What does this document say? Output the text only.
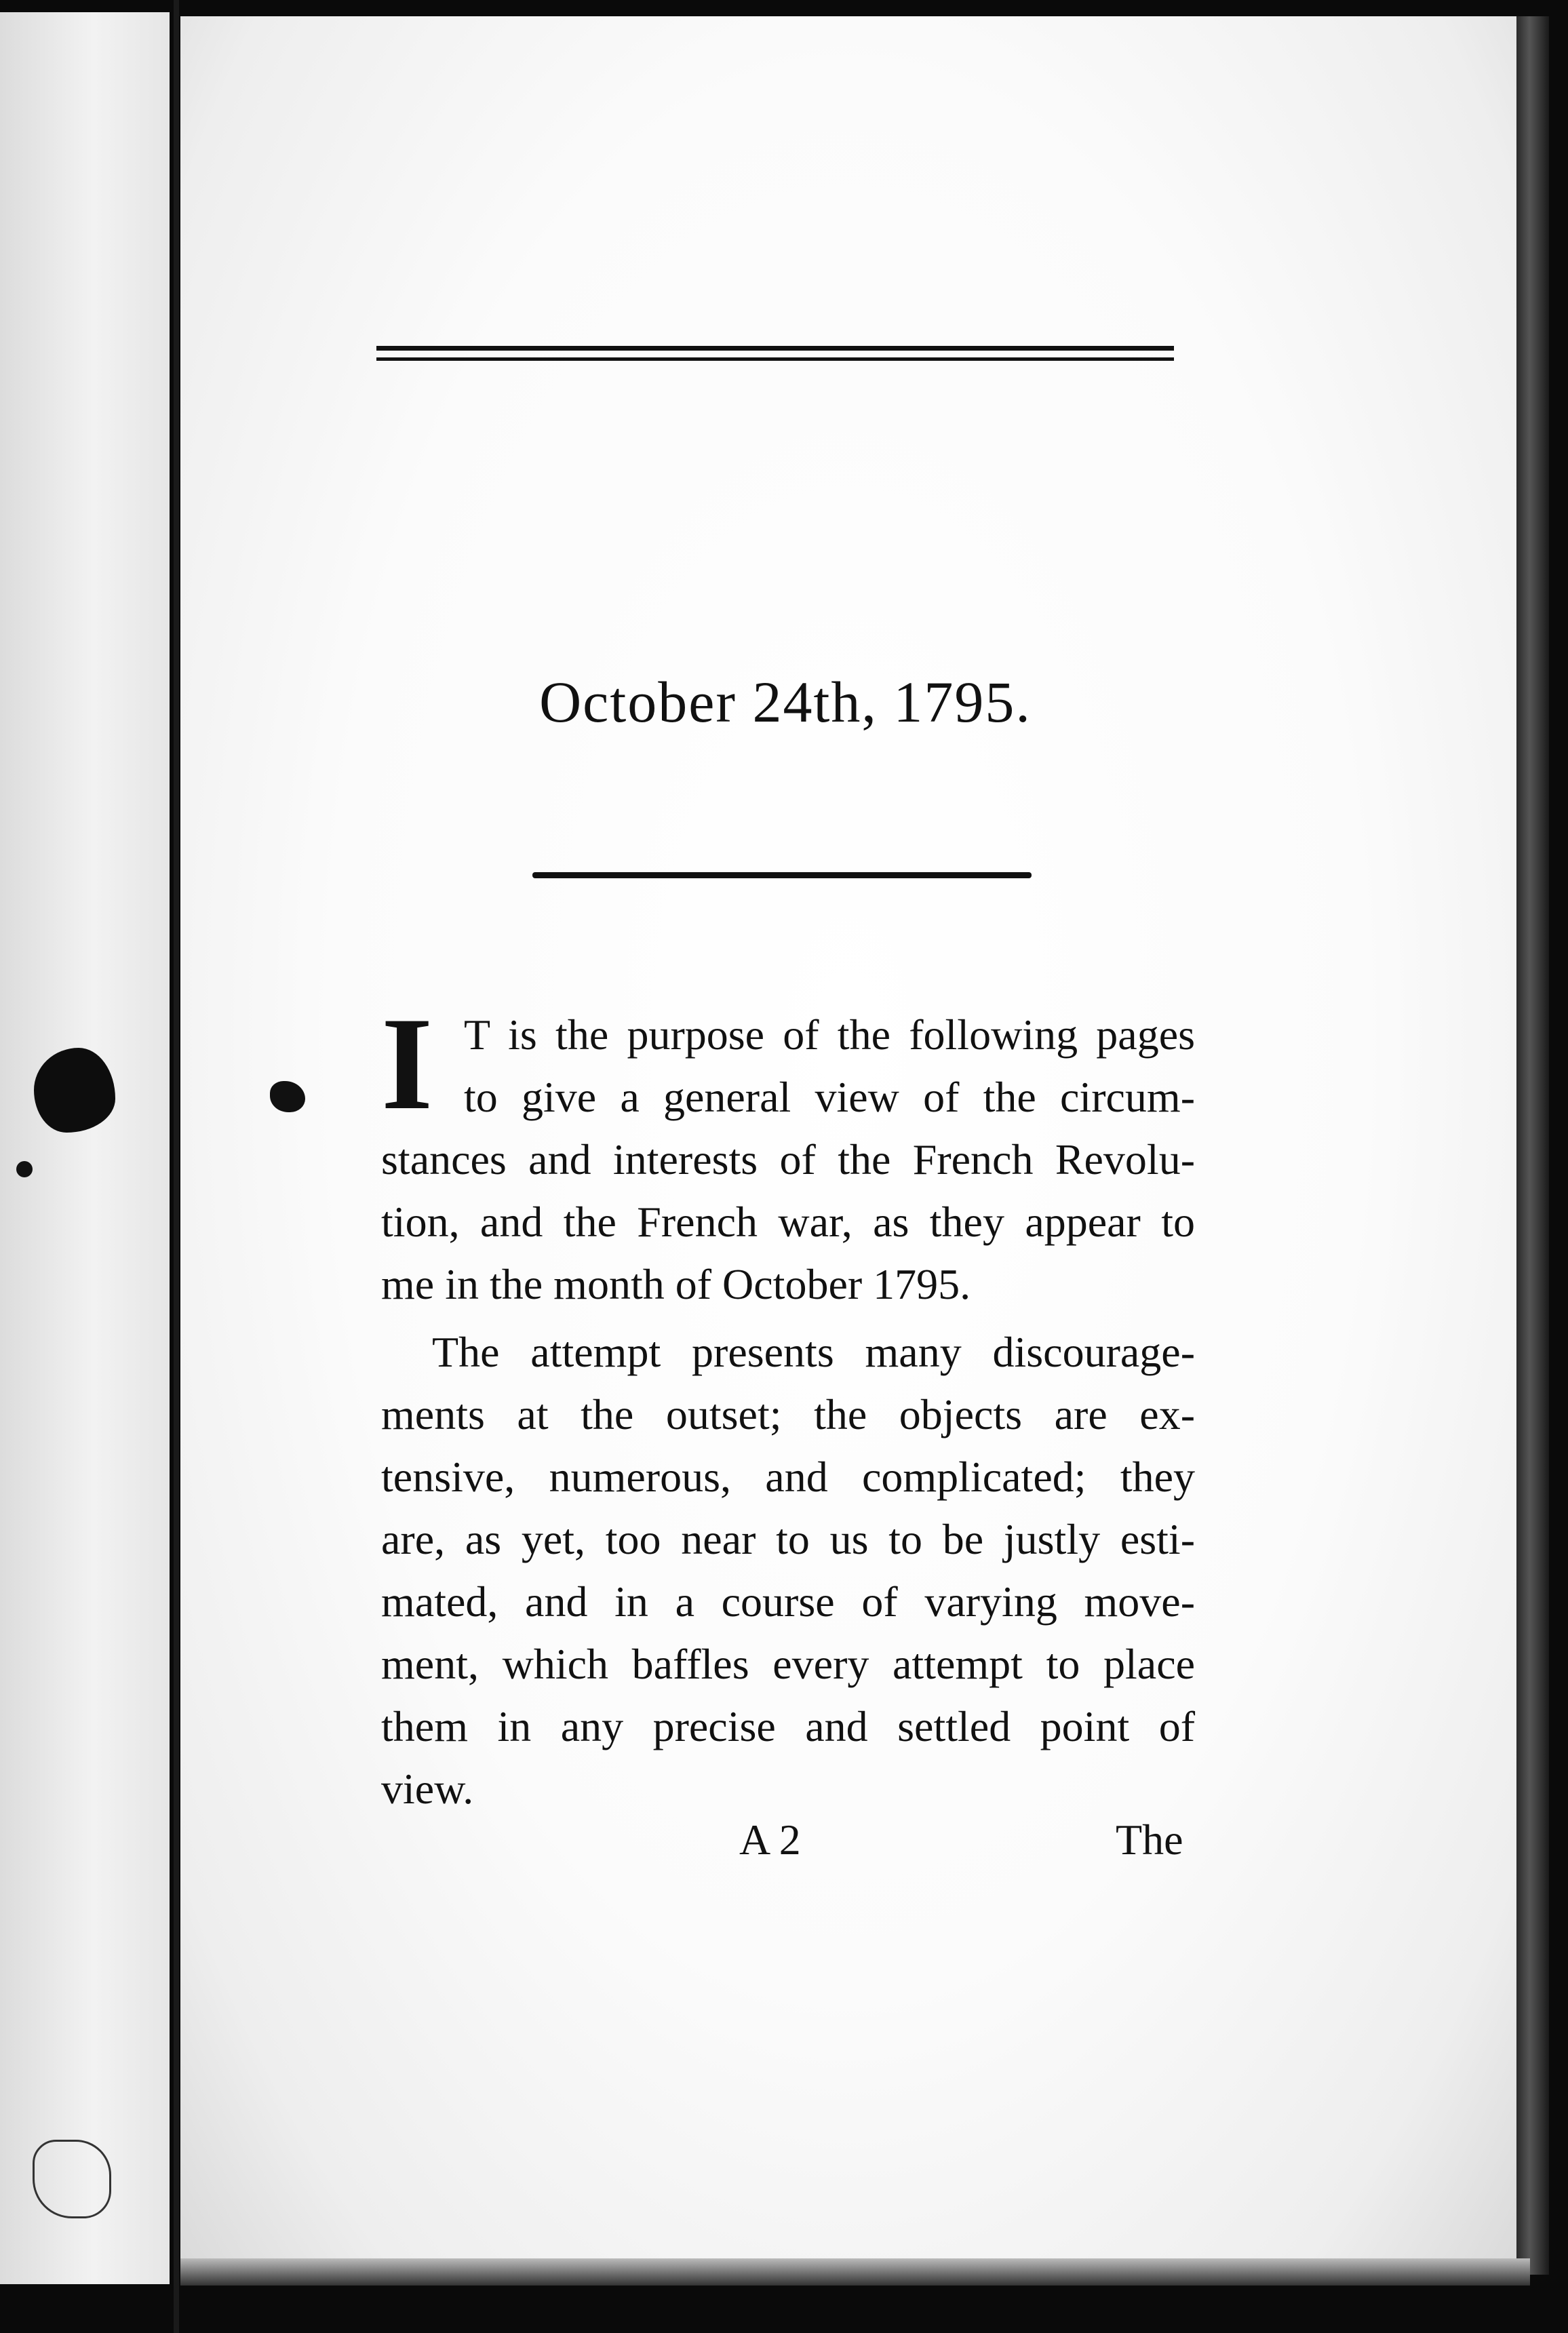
October 24th, 1795.
I T is the purpose of the following pages
to give a general view of the circum-
stances and interests of the French Revolu-
tion, and the French war, as they appear to
me in the month of October 1795.
The attempt presents many discourage-
ments at the outset; the objects are ex-
tensive, numerous, and complicated; they
are, as yet, too near to us to be justly esti-
mated, and in a course of varying move-
ment, which baffles every attempt to place
them in any precise and settled point of
view.
A 2	The
